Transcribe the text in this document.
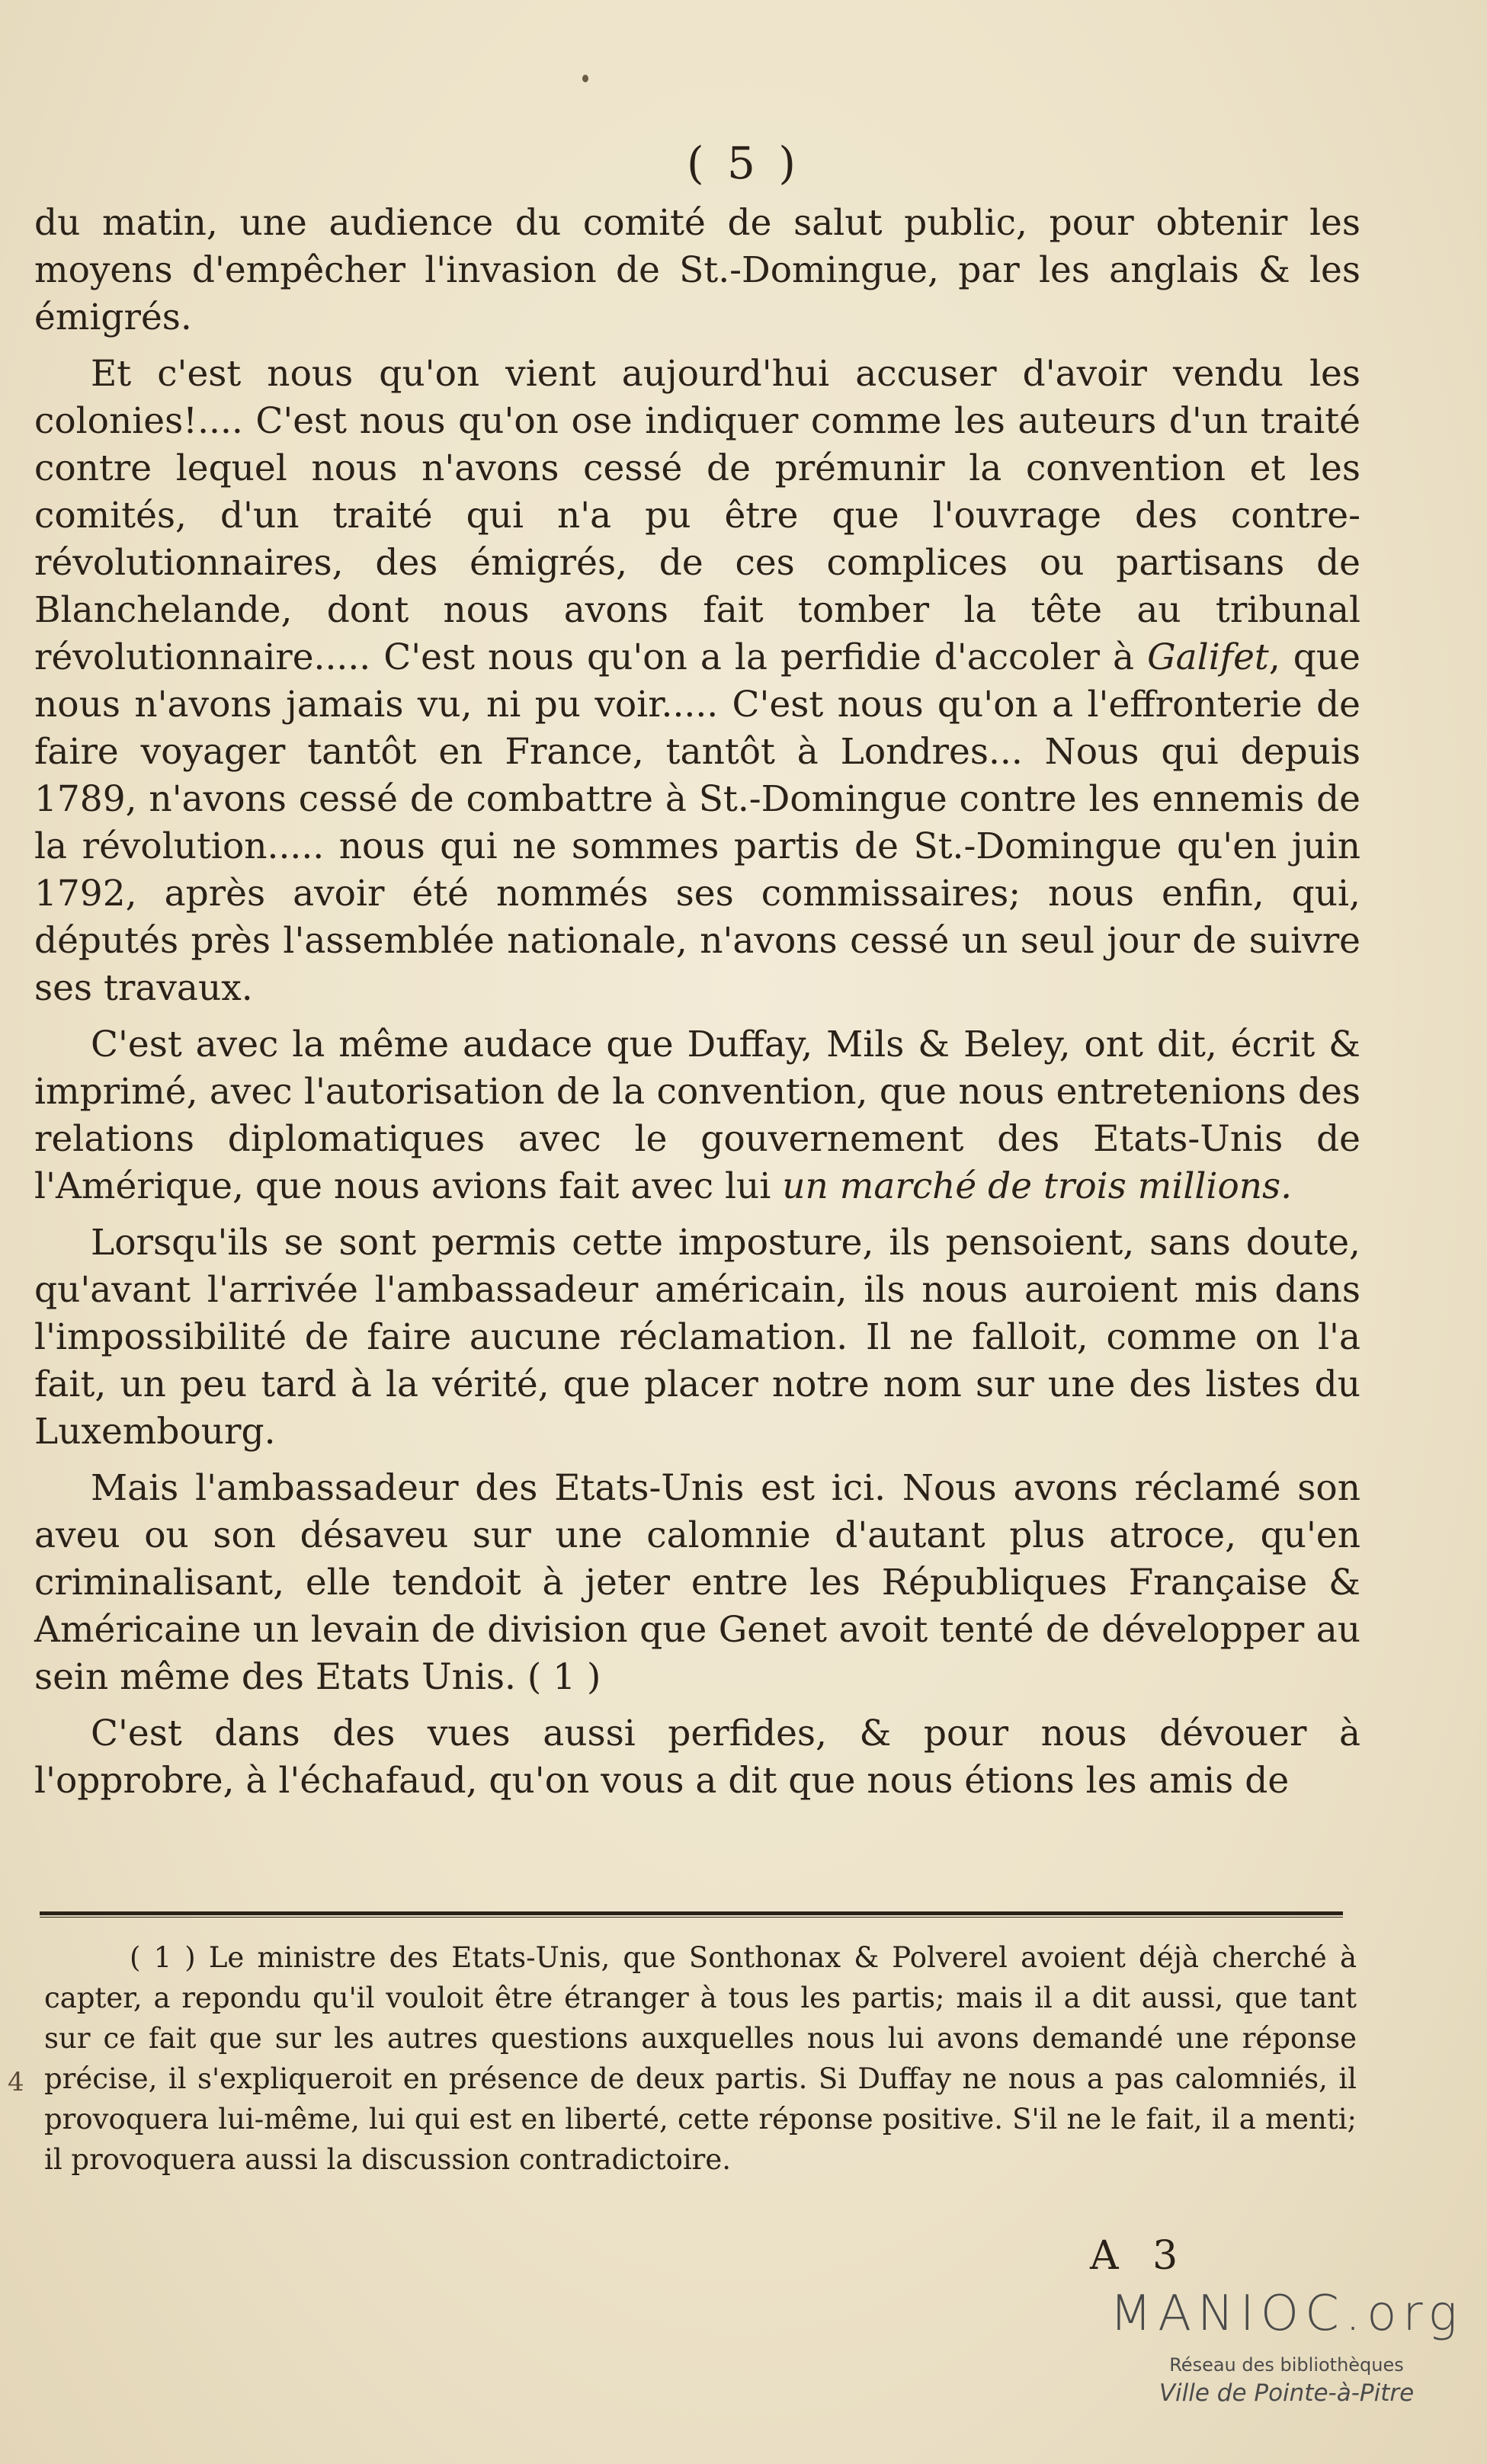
( 5 )

du matin, une audience du comité de salut public, pour obtenir les moyens d'empêcher l'invasion de St.-Domingue, par les anglais & les émigrés.

Et c'est nous qu'on vient aujourd'hui accuser d'avoir vendu les colonies!.... C'est nous qu'on ose indiquer comme les auteurs d'un traité contre lequel nous n'avons cessé de prémunir la convention et les comités, d'un traité qui n'a pu être que l'ouvrage des contre-révolutionnaires, des émigrés, de ces complices ou partisans de Blanchelande, dont nous avons fait tomber la tête au tribunal révolutionnaire..... C'est nous qu'on a la perfidie d'accoler à Galifet, que nous n'avons jamais vu, ni pu voir..... C'est nous qu'on a l'effronterie de faire voyager tantôt en France, tantôt à Londres... Nous qui depuis 1789, n'avons cessé de combattre à St.-Domingue contre les ennemis de la révolution..... nous qui ne sommes partis de St.-Domingue qu'en juin 1792, après avoir été nommés ses commissaires; nous enfin, qui, députés près l'assemblée nationale, n'avons cessé un seul jour de suivre ses travaux.

C'est avec la même audace que Duffay, Mils & Beley, ont dit, écrit & imprimé, avec l'autorisation de la convention, que nous entretenions des relations diplomatiques avec le gouvernement des Etats-Unis de l'Amérique, que nous avions fait avec lui un marché de trois millions.

Lorsqu'ils se sont permis cette imposture, ils pensoient, sans doute, qu'avant l'arrivée l'ambassadeur américain, ils nous auroient mis dans l'impossibilité de faire aucune réclamation. Il ne falloit, comme on l'a fait, un peu tard à la vérité, que placer notre nom sur une des listes du Luxembourg.

Mais l'ambassadeur des Etats-Unis est ici. Nous avons réclamé son aveu ou son désaveu sur une calomnie d'autant plus atroce, qu'en criminalisant, elle tendoit à jeter entre les Républiques Française & Américaine un levain de division que Genet avoit tenté de développer au sein même des Etats Unis. ( 1 )

C'est dans des vues aussi perfides, & pour nous dévouer à l'opprobre, à l'échafaud, qu'on vous a dit que nous étions les amis de

( 1 ) Le ministre des Etats-Unis, que Sonthonax & Polverel avoient déjà cherché à capter, a repondu qu'il vouloit être étranger à tous les partis; mais il a dit aussi, que tant sur ce fait que sur les autres questions auxquelles nous lui avons demandé une réponse précise, il s'expliqueroit en présence de deux partis. Si Duffay ne nous a pas calomniés, il provoquera lui-même, lui qui est en liberté, cette réponse positive. S'il ne le fait, il a menti; il provoquera aussi la discussion contradictoire.
4
A 3
MANIOC.org
Réseau des bibliothèques
Ville de Pointe-à-Pitre
